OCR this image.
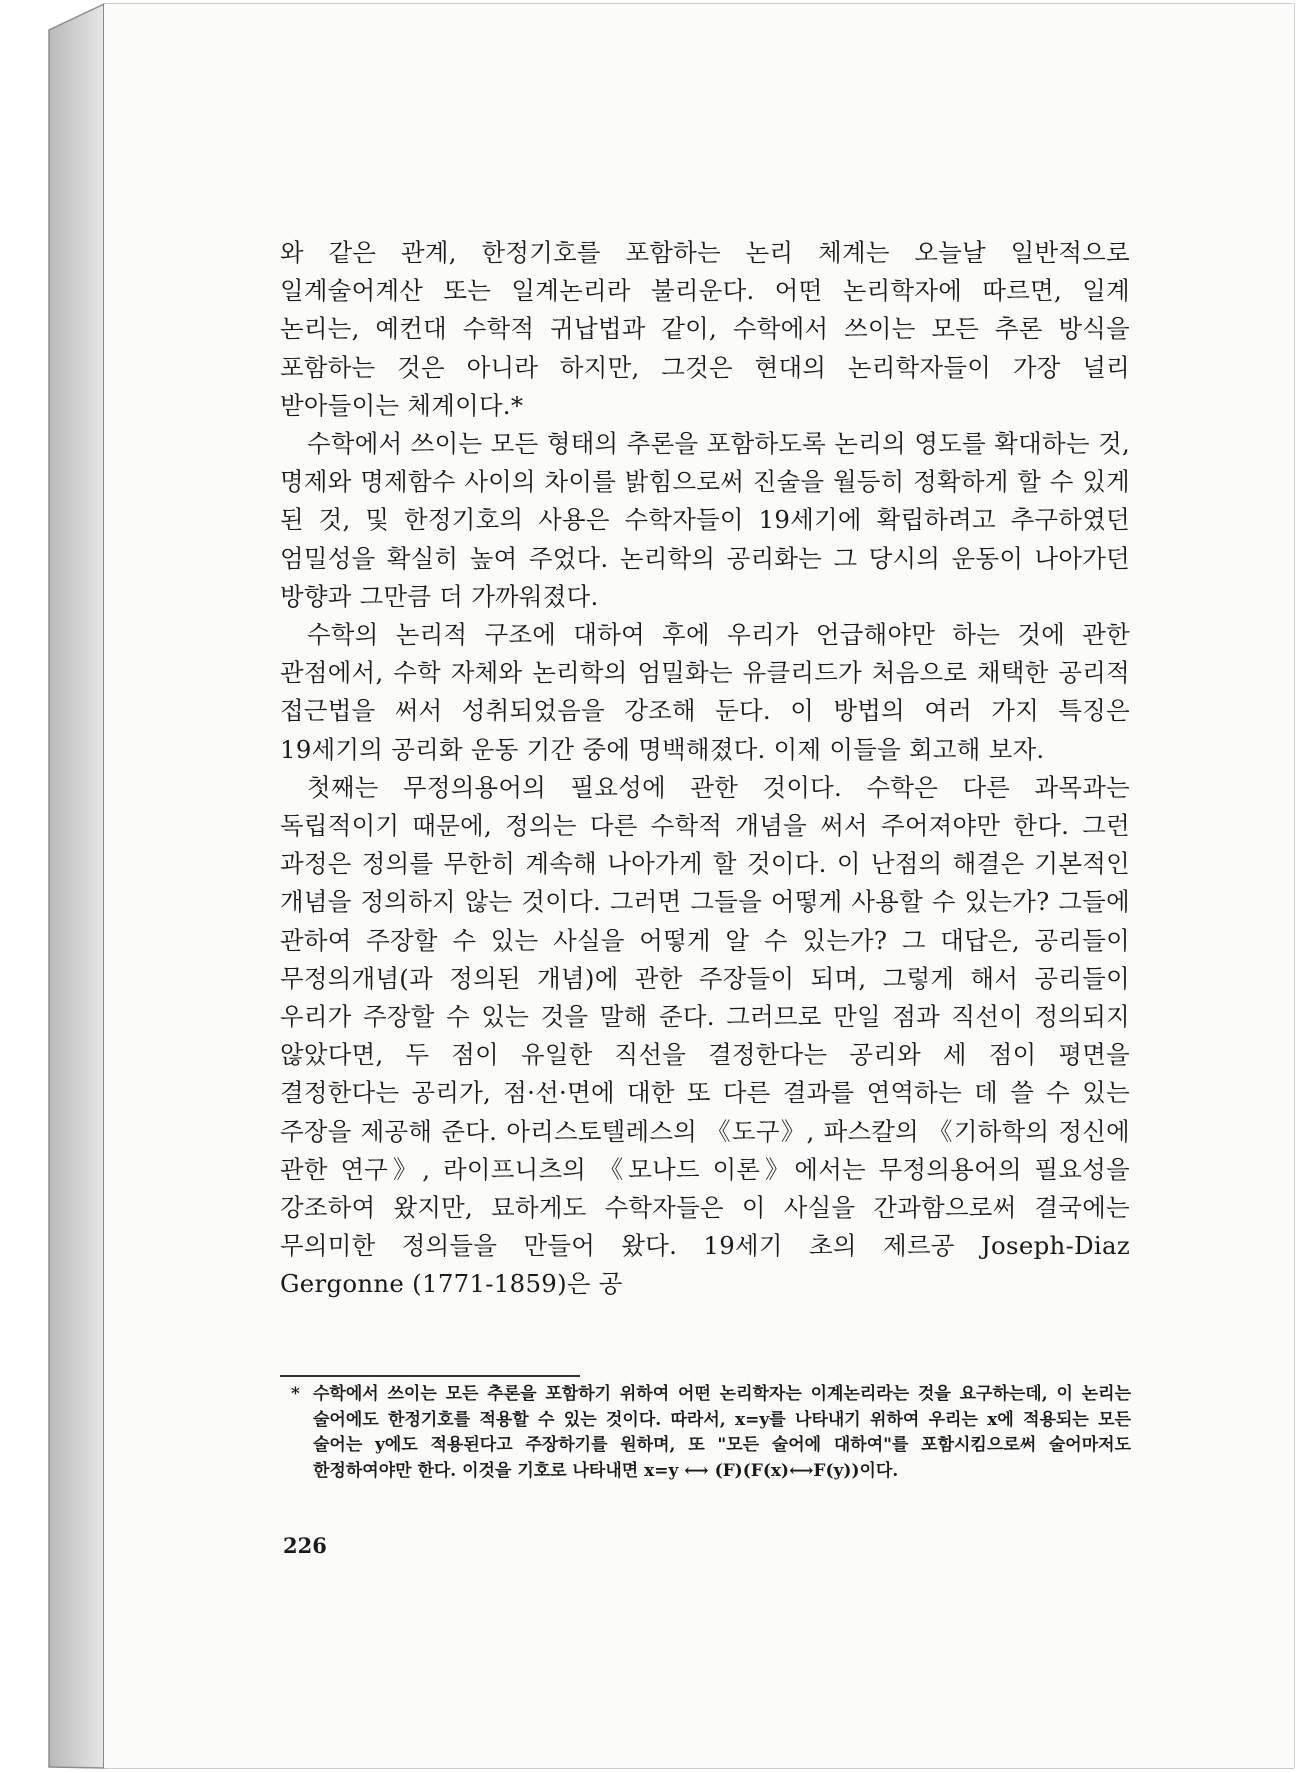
와 같은 관계, 한정기호를 포함하는 논리 체계는 오늘날 일반적으로 일계술어계산 또는 일계논리라 불리운다. 어떤 논리학자에 따르면, 일계 논리는, 예컨대 수학적 귀납법과 같이, 수학에서 쓰이는 모든 추론 방식을 포함하는 것은 아니라 하지만, 그것은 현대의 논리학자들이 가장 널리 받아들이는 체계이다.*

수학에서 쓰이는 모든 형태의 추론을 포함하도록 논리의 영도를 확대하는 것, 명제와 명제함수 사이의 차이를 밝힘으로써 진술을 월등히 정확하게 할 수 있게 된 것, 및 한정기호의 사용은 수학자들이 19세기에 확립하려고 추구하였던 엄밀성을 확실히 높여 주었다. 논리학의 공리화는 그 당시의 운동이 나아가던 방향과 그만큼 더 가까워졌다.

수학의 논리적 구조에 대하여 후에 우리가 언급해야만 하는 것에 관한 관점에서, 수학 자체와 논리학의 엄밀화는 유클리드가 처음으로 채택한 공리적 접근법을 써서 성취되었음을 강조해 둔다. 이 방법의 여러 가지 특징은 19세기의 공리화 운동 기간 중에 명백해졌다. 이제 이들을 회고해 보자.

첫째는 무정의용어의 필요성에 관한 것이다. 수학은 다른 과목과는 독립적이기 때문에, 정의는 다른 수학적 개념을 써서 주어져야만 한다. 그런 과정은 정의를 무한히 계속해 나아가게 할 것이다. 이 난점의 해결은 기본적인 개념을 정의하지 않는 것이다. 그러면 그들을 어떻게 사용할 수 있는가? 그들에 관하여 주장할 수 있는 사실을 어떻게 알 수 있는가? 그 대답은, 공리들이 무정의개념(과 정의된 개념)에 관한 주장들이 되며, 그렇게 해서 공리들이 우리가 주장할 수 있는 것을 말해 준다. 그러므로 만일 점과 직선이 정의되지 않았다면, 두 점이 유일한 직선을 결정한다는 공리와 세 점이 평면을 결정한다는 공리가, 점·선·면에 대한 또 다른 결과를 연역하는 데 쓸 수 있는 주장을 제공해 준다. 아리스토텔레스의 《도구》, 파스칼의 《기하학의 정신에 관한 연구》, 라이프니츠의 《모나드 이론》에서는 무정의용어의 필요성을 강조하여 왔지만, 묘하게도 수학자들은 이 사실을 간과함으로써 결국에는 무의미한 정의들을 만들어 왔다. 19세기 초의 제르공 Joseph-Diaz Gergonne (1771-1859)은 공

* 수학에서 쓰이는 모든 추론을 포함하기 위하여 어떤 논리학자는 이계논리라는 것을 요구하는데, 이 논리는 술어에도 한정기호를 적용할 수 있는 것이다. 따라서, x=y를 나타내기 위하여 우리는 x에 적용되는 모든 술어는 y에도 적용된다고 주장하기를 원하며, 또 "모든 술어에 대하여"를 포함시킴으로써 술어마저도 한정하여야만 한다. 이것을 기호로 나타내면 x=y ⟷ (F)(F(x)⟷F(y))이다.

226
